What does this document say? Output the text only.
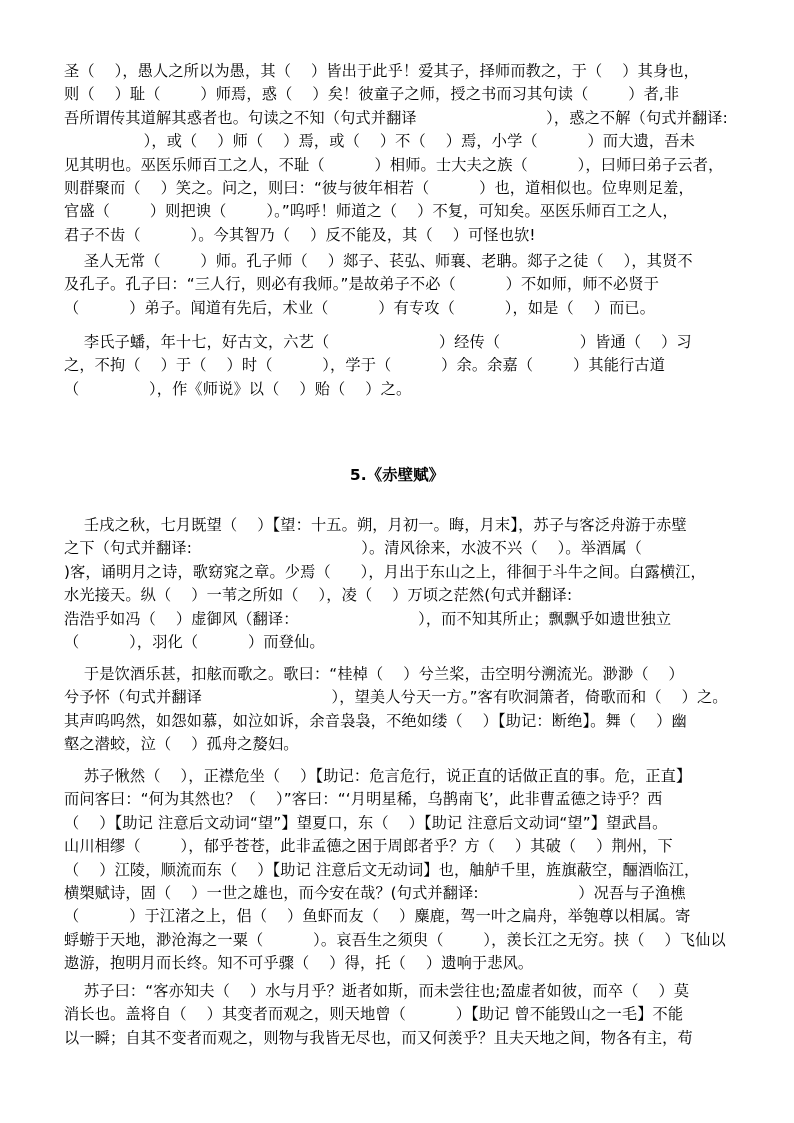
圣（    ），愚人之所以为愚，其（    ）皆出于此乎！爱其子，择师而教之，于（    ）其身也，
则（    ）耻（        ）师焉，惑（    ）矣！彼童子之师，授之书而习其句读（        ）者,非
吾所谓传其道解其惑者也。句读之不知（句式并翻译                          ），惑之不解（句式并翻译:
），或（    ）师（    ）焉，或（    ）不（    ）焉，小学（          ）而大遗，吾未
见其明也。巫医乐师百工之人，不耻（          ）相师。士大夫之族（          ），曰师曰弟子云者，
则群聚而（    ）笑之。问之，则曰：“彼与彼年相若（          ）也，道相似也。位卑则足羞，
官盛（        ）则把谀（        ）。”呜呼！师道之（    ）不复，可知矣。巫医乐师百工之人，
君子不齿（          ）。今其智乃（    ）反不能及，其（    ）可怪也欤!
圣人无常（        ）师。孔子师（    ）郯子、苌弘、师襄、老聃。郯子之徒（    ），其贤不
及孔子。孔子曰：“三人行，则必有我师。”是故弟子不必（          ）不如师，师不必贤于
（          ）弟子。闻道有先后，术业（          ）有专攻（          ），如是（    ）而已。
李氏子蟠，年十七，好古文，六艺（                      ）经传（                ）皆通（    ）习
之，不拘（    ）于（    ）时（          ），学于（          ）余。余嘉（        ）其能行古道
（              ），作《师说》以（    ）贻（    ）之。
5.《赤壁赋》
壬戌之秋，七月既望（    ）【望：十五。朔，月初一。晦，月末】，苏子与客泛舟游于赤壁
之下（句式并翻译:                                  ）。清风徐来，水波不兴（    ）。举酒属（
)客，诵明月之诗，歌窈窕之章。少焉（      ），月出于东山之上，徘徊于斗牛之间。白露横江，
水光接天。纵（    ）一苇之所如（    ），凌（    ）万顷之茫然(句式并翻译:
浩浩乎如冯（    ）虚御风（翻译：                        ），而不知其所止；飘飘乎如遗世独立
（          ），羽化（          ）而登仙。
于是饮酒乐甚，扣舷而歌之。歌曰：“桂棹（    ）兮兰桨，击空明兮溯流光。渺渺（    ）
兮予怀（句式并翻译                          ），望美人兮天一方。”客有吹洞箫者，倚歌而和（    ）之。
其声呜呜然，如怨如慕，如泣如诉，余音袅袅，不绝如缕（    ）【助记：断绝】。舞（    ）幽
壑之潜蛟，泣（    ）孤舟之嫠妇。
苏子愀然（    ），正襟危坐（    ）【助记：危言危行，说正直的话做正直的事。危，正直】
而问客曰：“何为其然也？（    ）”客曰：“‘月明星稀，乌鹊南飞’，此非曹孟德之诗乎？西
（    ）【助记 注意后文动词“望”】望夏口，东（    ）【助记 注意后文动词“望”】望武昌。
山川相缪（        ），郁乎苍苍，此非孟德之困于周郎者乎？方（    ）其破（    ）荆州，下
（    ）江陵，顺流而东（    ）【助记 注意后文无动词】也，舳舻千里，旌旗蔽空，酾酒临江，
横槊赋诗，固（    ）一世之雄也，而今安在哉？(句式并翻译:                    ）况吾与子渔樵
（          ）于江渚之上，侣（    ）鱼虾而友（    ）麋鹿，驾一叶之扁舟，举匏尊以相属。寄
蜉蝣于天地，渺沧海之一粟（          ）。哀吾生之须臾（        ），羡长江之无穷。挟（    ）飞仙以
遨游，抱明月而长终。知不可乎骤（    ）得，托（    ）遗响于悲风。
苏子曰：“客亦知夫（    ）水与月乎？逝者如斯，而未尝往也;盈虚者如彼，而卒（    ）莫
消长也。盖将自（    ）其变者而观之，则天地曾（          ）【助记 曾不能毁山之一毛】不能
以一瞬；自其不变者而观之，则物与我皆无尽也，而又何羡乎？且夫天地之间，物各有主，苟
